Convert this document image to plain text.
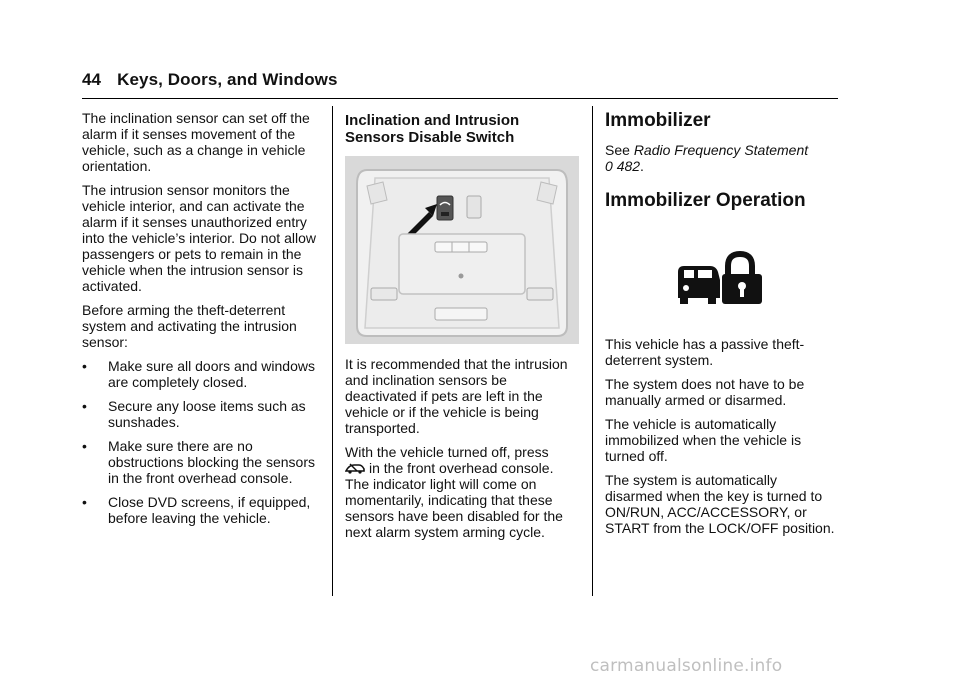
44 Keys, Doors, and Windows

The inclination sensor can set off the alarm if it senses movement of the vehicle, such as a change in vehicle orientation.

The intrusion sensor monitors the vehicle interior, and can activate the alarm if it senses unauthorized entry into the vehicle’s interior. Do not allow passengers or pets to remain in the vehicle when the intrusion sensor is activated.

Before arming the theft-deterrent system and activating the intrusion sensor:

• Make sure all doors and windows are completely closed.
• Secure any loose items such as sunshades.
• Make sure there are no obstructions blocking the sensors in the front overhead console.
• Close DVD screens, if equipped, before leaving the vehicle.
Inclination and Intrusion Sensors Disable Switch

It is recommended that the intrusion and inclination sensors be deactivated if pets are left in the vehicle or if the vehicle is being transported.

With the vehicle turned off, press
in the front overhead console. The indicator light will come on momentarily, indicating that these sensors have been disabled for the next alarm system arming cycle.

Immobilizer

See Radio Frequency Statement
0 482.

Immobilizer Operation

This vehicle has a passive theft-deterrent system.

The system does not have to be manually armed or disarmed.

The vehicle is automatically immobilized when the vehicle is turned off.

The system is automatically disarmed when the key is turned to ON/RUN, ACC/ACCESSORY, or START from the LOCK/OFF position.

carmanualsonline.info
